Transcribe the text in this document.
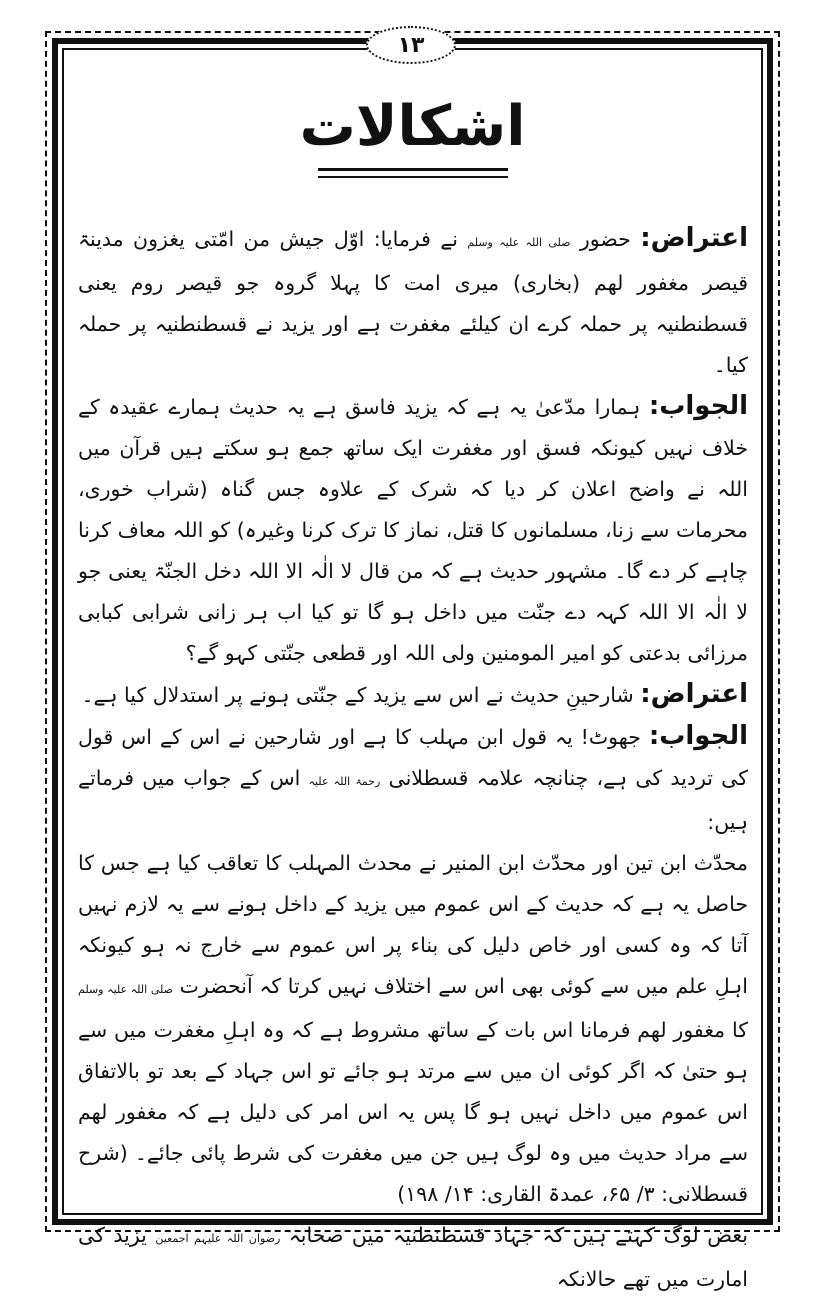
۱۳
اشکالات

اعتراض: حضور صلی اللہ علیہ وسلم نے فرمایا: اوّل جیش من امّتی یغزون مدینۃ قیصر مغفور لھم (بخاری) میری امت کا پہلا گروہ جو قیصر روم یعنی قسطنطنیہ پر حملہ کرے ان کیلئے مغفرت ہے اور یزید نے قسطنطنیہ پر حملہ کیا۔

الجواب: ہمارا مدّعیٰ یہ ہے کہ یزید فاسق ہے یہ حدیث ہمارے عقیدہ کے خلاف نہیں کیونکہ فسق اور مغفرت ایک ساتھ جمع ہو سکتے ہیں قرآن میں اللہ نے واضح اعلان کر دیا کہ شرک کے علاوہ جس گناہ (شراب خوری، محرمات سے زنا، مسلمانوں کا قتل، نماز کا ترک کرنا وغیرہ) کو اللہ معاف کرنا چاہے کر دے گا۔ مشہور حدیث ہے کہ من قال لا الٰہ الا اللہ دخل الجنّۃ یعنی جو لا الٰہ الا اللہ کہہ دے جنّت میں داخل ہو گا تو کیا اب ہر زانی شرابی کبابی مرزائی بدعتی کو امیر المومنین ولی اللہ اور قطعی جنّتی کہو گے؟

اعتراض: شارحینِ حدیث نے اس سے یزید کے جنّتی ہونے پر استدلال کیا ہے۔

الجواب: جھوٹ! یہ قول ابن مہلب کا ہے اور شارحین نے اس کے اس قول کی تردید کی ہے، چنانچہ علامہ قسطلانی رحمۃ اللہ علیہ اس کے جواب میں فرماتے ہیں:

محدّث ابن تین اور محدّث ابن المنیر نے محدث المہلب کا تعاقب کیا ہے جس کا حاصل یہ ہے کہ حدیث کے اس عموم میں یزید کے داخل ہونے سے یہ لازم نہیں آتا کہ وہ کسی اور خاص دلیل کی بناء پر اس عموم سے خارج نہ ہو کیونکہ اہلِ علم میں سے کوئی بھی اس سے اختلاف نہیں کرتا کہ آنحضرت صلی اللہ علیہ وسلم کا مغفور لھم فرمانا اس بات کے ساتھ مشروط ہے کہ وہ اہلِ مغفرت میں سے ہو حتیٰ کہ اگر کوئی ان میں سے مرتد ہو جائے تو اس جہاد کے بعد تو بالاتفاق اس عموم میں داخل نہیں ہو گا پس یہ اس امر کی دلیل ہے کہ مغفور لھم سے مراد حدیث میں وہ لوگ ہیں جن میں مغفرت کی شرط پائی جائے۔ (شرح قسطلانی: ۳/ ۶۵، عمدۃ القاری: ۱۴/ ۱۹۸)

بعض لوگ کہتے ہیں کہ جہاد قسطنطنیہ میں صحابہ رضوان اللہ علیہم اجمعین یزید کی امارت میں تھے حالانکہ
